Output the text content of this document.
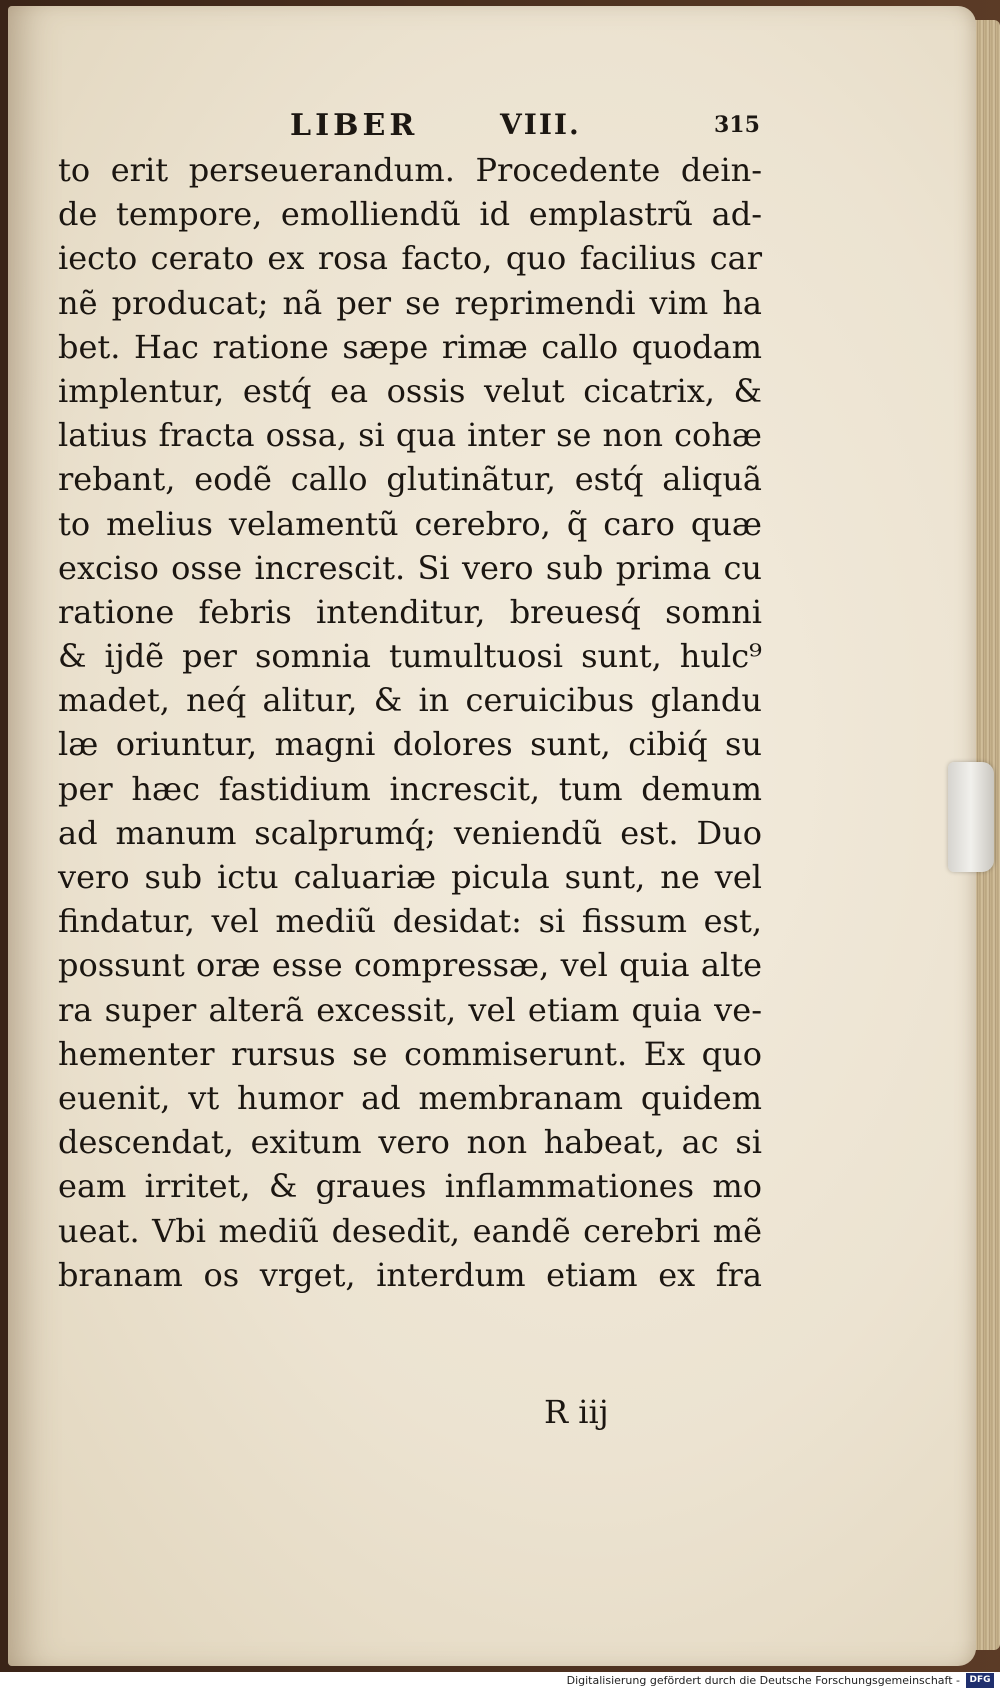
LIBER	VIII.	315
to erit perseuerandum. Procedente dein-
de tempore, emolliendũ id emplastrũ ad-
iecto cerato ex rosa facto, quo facilius car
nẽ producat; nã per se reprimendi vim ha
bet. Hac ratione sæpe rimæ callo quodam
implentur, estq́ ea ossis velut cicatrix, &
latius fracta ossa, si qua inter se non cohæ
rebant, eodẽ callo glutinãtur, estq́ aliquã
to melius velamentũ cerebro, q̃ caro quæ
exciso osse increscit. Si vero sub prima cu
ratione febris intenditur, breuesq́ somni
& ijdẽ per somnia tumultuosi sunt, hulc⁹
madet, neq́ alitur, & in ceruicibus glandu
læ oriuntur, magni dolores sunt, cibiq́ su
per hæc fastidium increscit, tum demum
ad manum scalprumq́; veniendũ est. Duo
vero sub ictu caluariæ picula sunt, ne vel
findatur, vel mediũ desidat: si fissum est,
possunt oræ esse compressæ, vel quia alte
ra super alterã excessit, vel etiam quia ve-
hementer rursus se commiserunt. Ex quo
euenit, vt humor ad membranam quidem
descendat, exitum vero non habeat, ac si
eam irritet, & graues inflammationes mo
ueat. Vbi mediũ desedit, eandẽ cerebri mẽ
branam os vrget, interdum etiam ex fra
R iij
Digitalisierung gefördert durch die Deutsche Forschungsgemeinschaft -	DFG
